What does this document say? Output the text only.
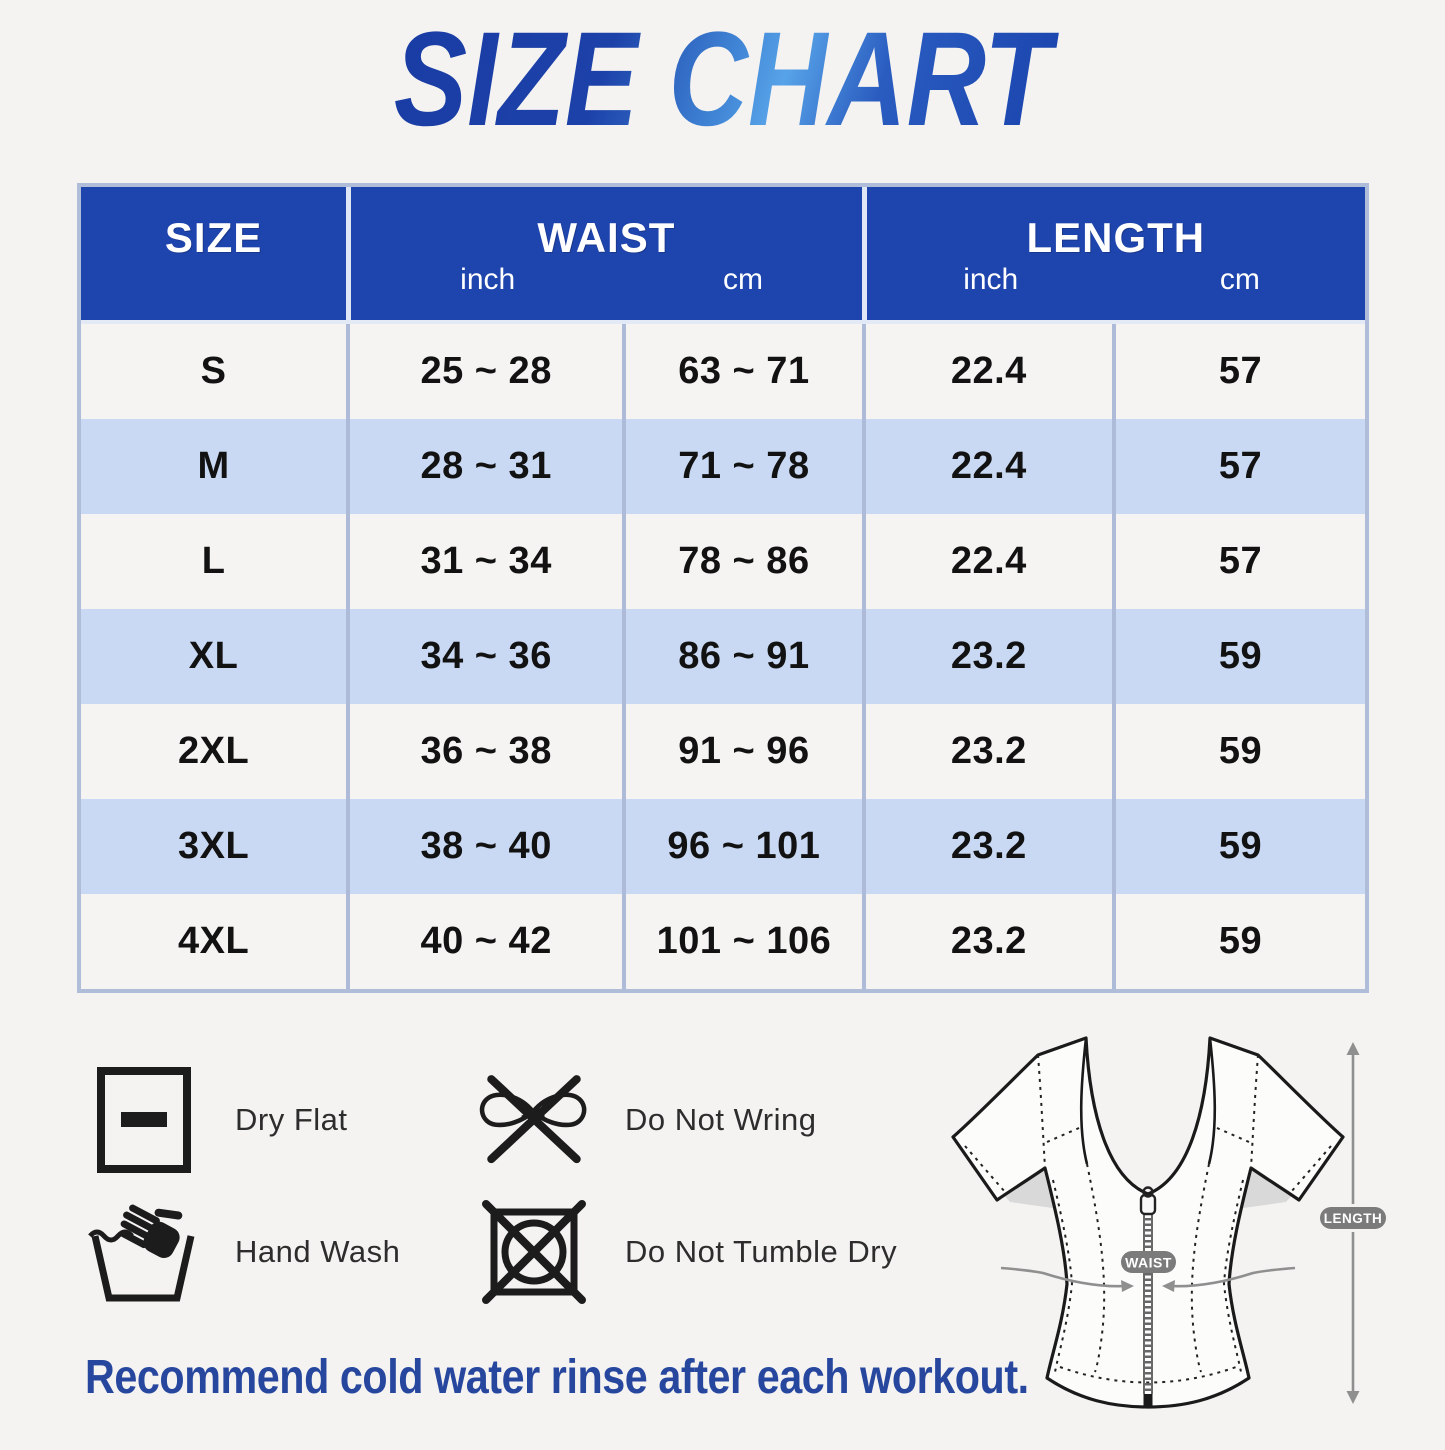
SIZE CHART
SIZE	WAIST
inch	cm
LENGTH
inch	cm
S	25 ~ 28	63 ~ 71	22.4	57
M	28 ~ 31	71 ~ 78	22.4	57
L	31 ~ 34	78 ~ 86	22.4	57
XL	34 ~ 36	86 ~ 91	23.2	59
2XL	36 ~ 38	91 ~ 96	23.2	59
3XL	38 ~ 40	96 ~ 101	23.2	59
4XL	40 ~ 42	101 ~ 106	23.2	59
Dry Flat	Do Not Wring
Hand Wash	Do Not Tumble Dry	WAIST
LENGTH
Recommend cold water rinse after each workout.
